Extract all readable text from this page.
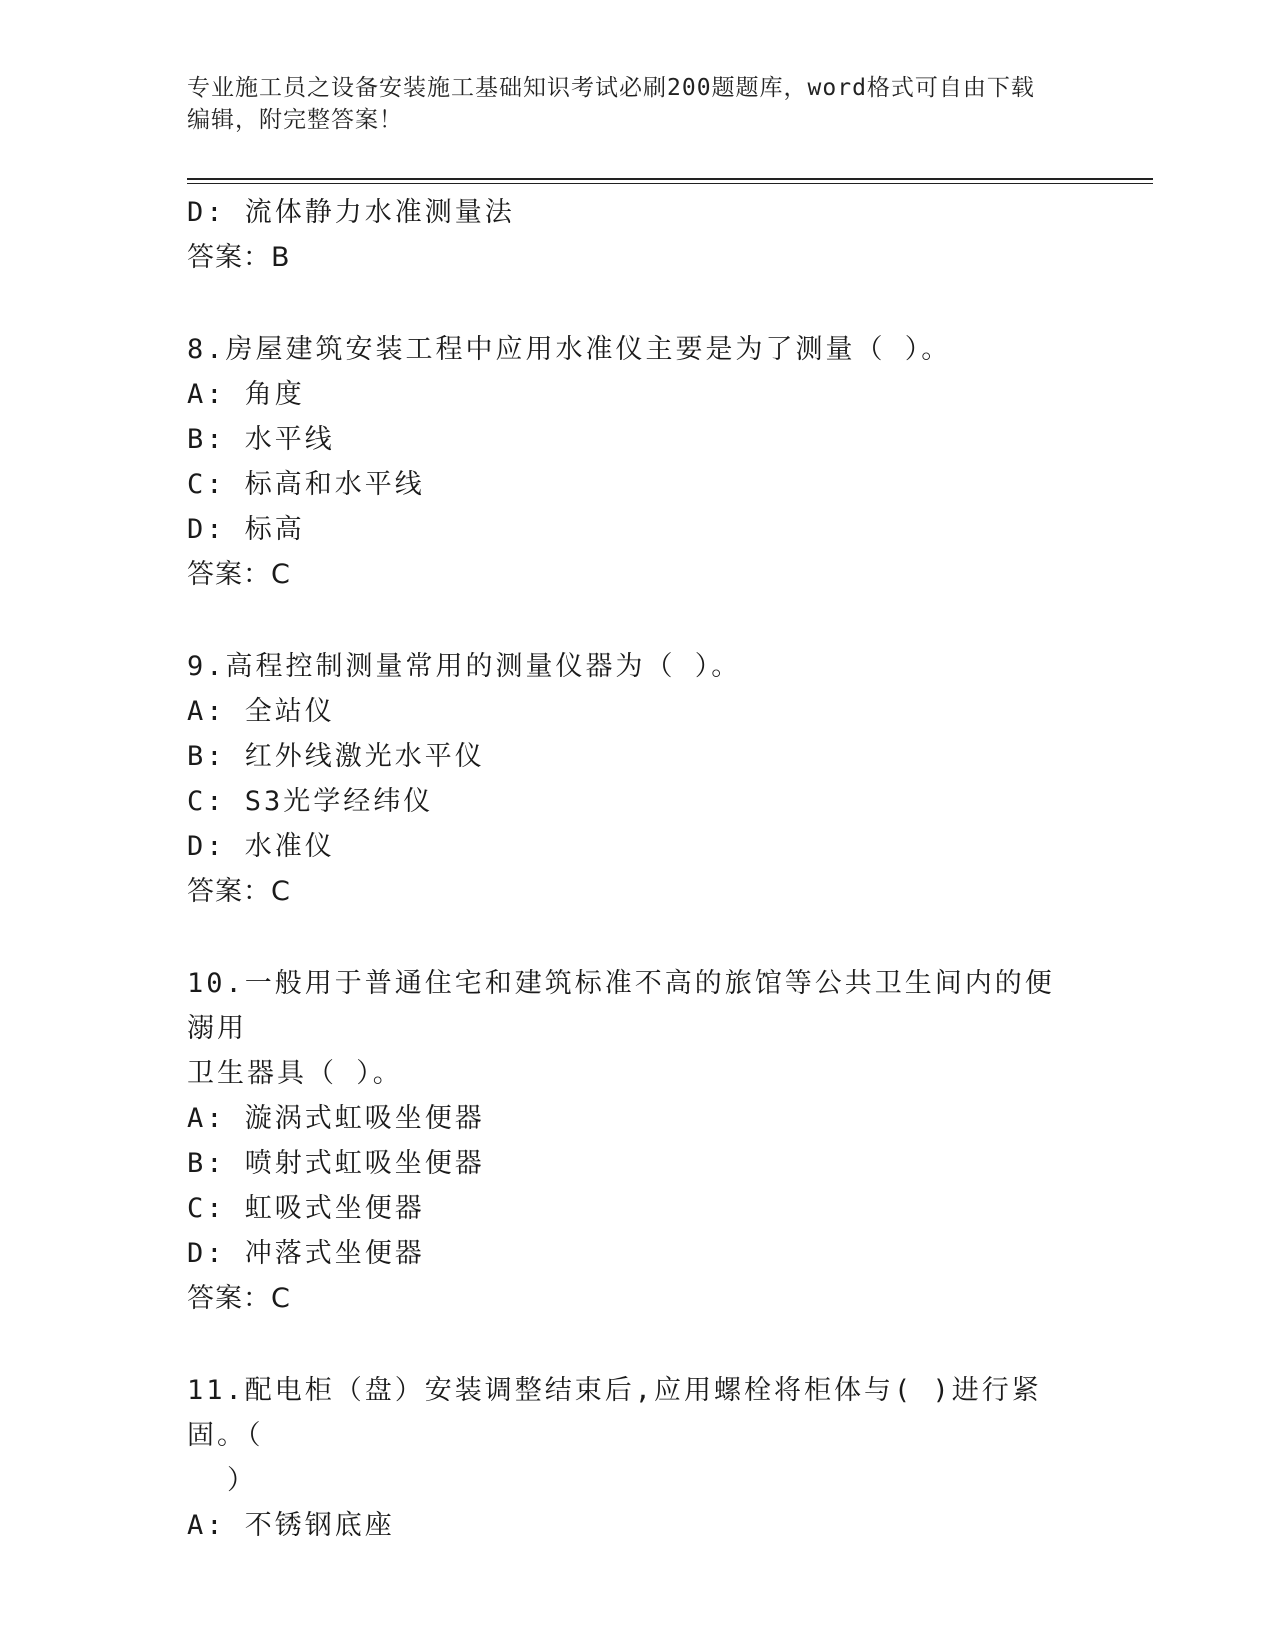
专业施工员之设备安装施工基础知识考试必刷200题题库，word格式可自由下载
编辑，附完整答案！
D: 流体静力水准测量法
答案：B
8.房屋建筑安装工程中应用水准仪主要是为了测量（ ）。
A: 角度
B: 水平线
C: 标高和水平线
D: 标高
答案：C
9.高程控制测量常用的测量仪器为（ ）。
A: 全站仪
B: 红外线激光水平仪
C: S3光学经纬仪
D: 水准仪
答案：C
10.一般用于普通住宅和建筑标准不高的旅馆等公共卫生间内的便溺用
卫生器具（ ）。
A: 漩涡式虹吸坐便器
B: 喷射式虹吸坐便器
C: 虹吸式坐便器
D: 冲落式坐便器
答案：C
11.配电柜（盘）安装调整结束后,应用螺栓将柜体与( )进行紧固。（
）
A: 不锈钢底座
